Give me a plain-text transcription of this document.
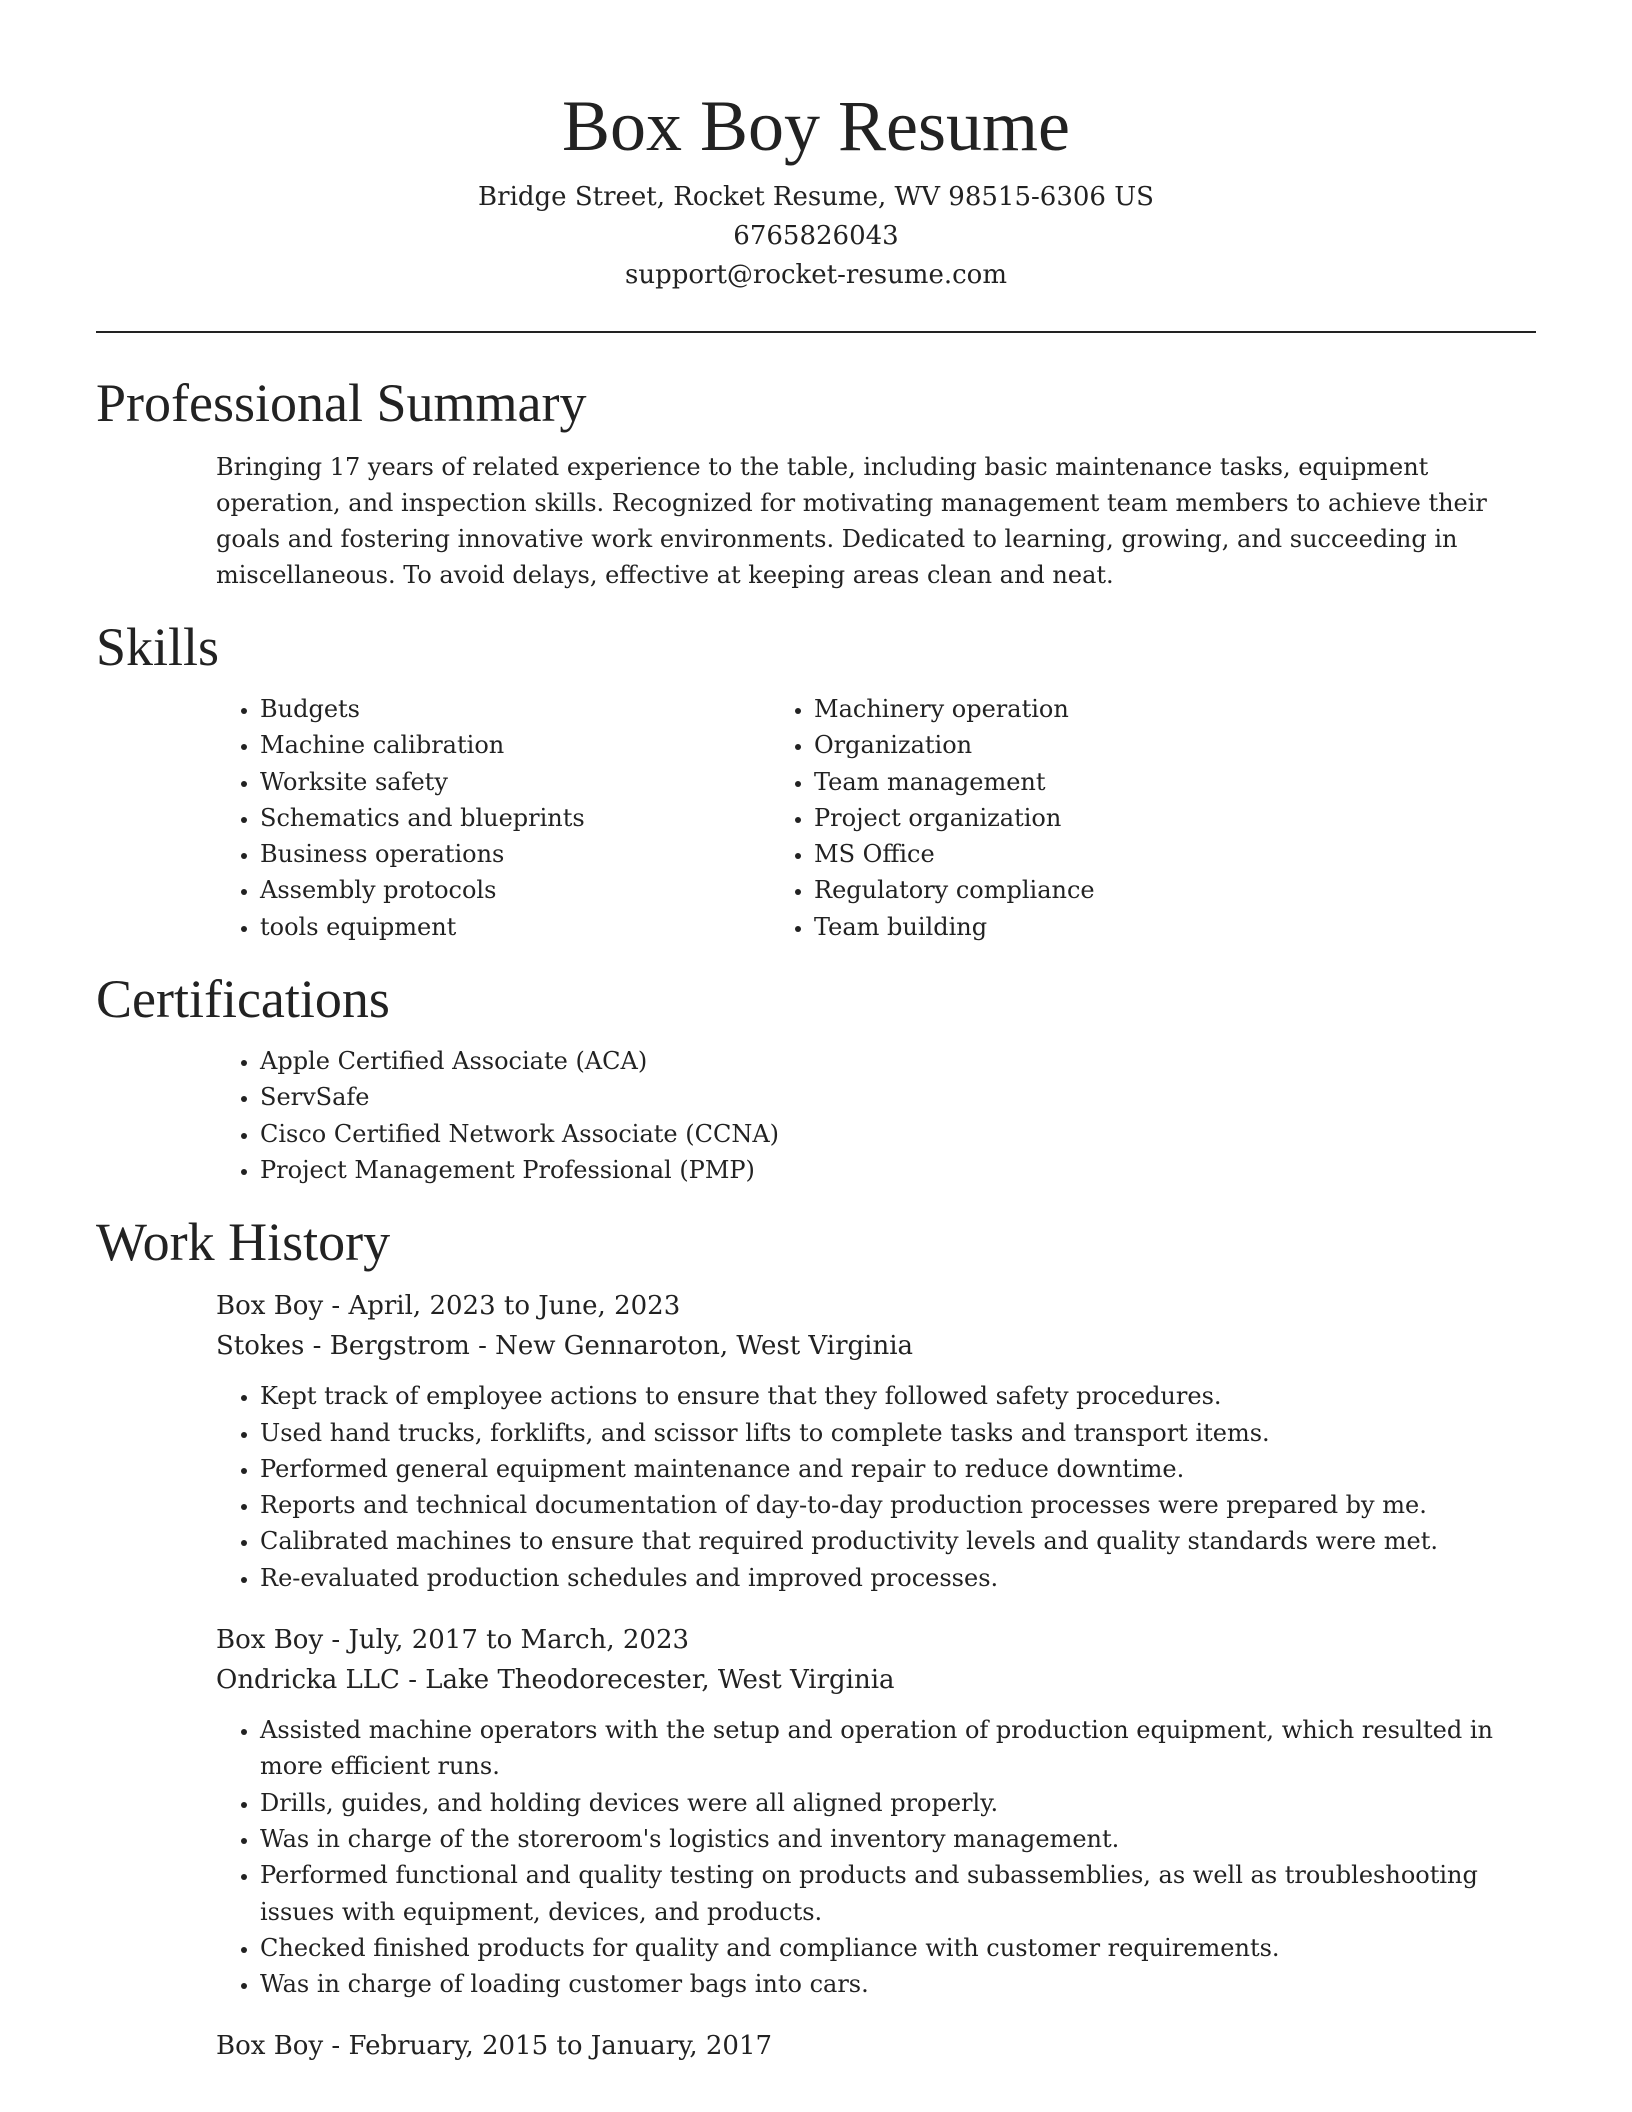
Box Boy Resume
Bridge Street, Rocket Resume, WV 98515-6306 US
6765826043
support@rocket-resume.com
Professional Summary

Bringing 17 years of related experience to the table, including basic maintenance tasks, equipment operation, and inspection skills. Recognized for motivating management team members to achieve their goals and fostering innovative work environments. Dedicated to learning, growing, and succeeding in miscellaneous. To avoid delays, effective at keeping areas clean and neat.

Skills
• Budgets
• Machine calibration
• Worksite safety
• Schematics and blueprints
• Business operations
• Assembly protocols
• tools equipment
• Machinery operation
• Organization
• Team management
• Project organization
• MS Office
• Regulatory compliance
• Team building
Certifications
• Apple Certified Associate (ACA)
• ServSafe
• Cisco Certified Network Associate (CCNA)
• Project Management Professional (PMP)
Work History
Box Boy - April, 2023 to June, 2023
Stokes - Bergstrom - New Gennaroton, West Virginia
• Kept track of employee actions to ensure that they followed safety procedures.
• Used hand trucks, forklifts, and scissor lifts to complete tasks and transport items.
• Performed general equipment maintenance and repair to reduce downtime.
• Reports and technical documentation of day-to-day production processes were prepared by me.
• Calibrated machines to ensure that required productivity levels and quality standards were met.
• Re-evaluated production schedules and improved processes.
Box Boy - July, 2017 to March, 2023
Ondricka LLC - Lake Theodorecester, West Virginia
• Assisted machine operators with the setup and operation of production equipment, which resulted in more efficient runs.
• Drills, guides, and holding devices were all aligned properly.
• Was in charge of the storeroom's logistics and inventory management.
• Performed functional and quality testing on products and subassemblies, as well as troubleshooting issues with equipment, devices, and products.
• Checked finished products for quality and compliance with customer requirements.
• Was in charge of loading customer bags into cars.
Box Boy - February, 2015 to January, 2017
